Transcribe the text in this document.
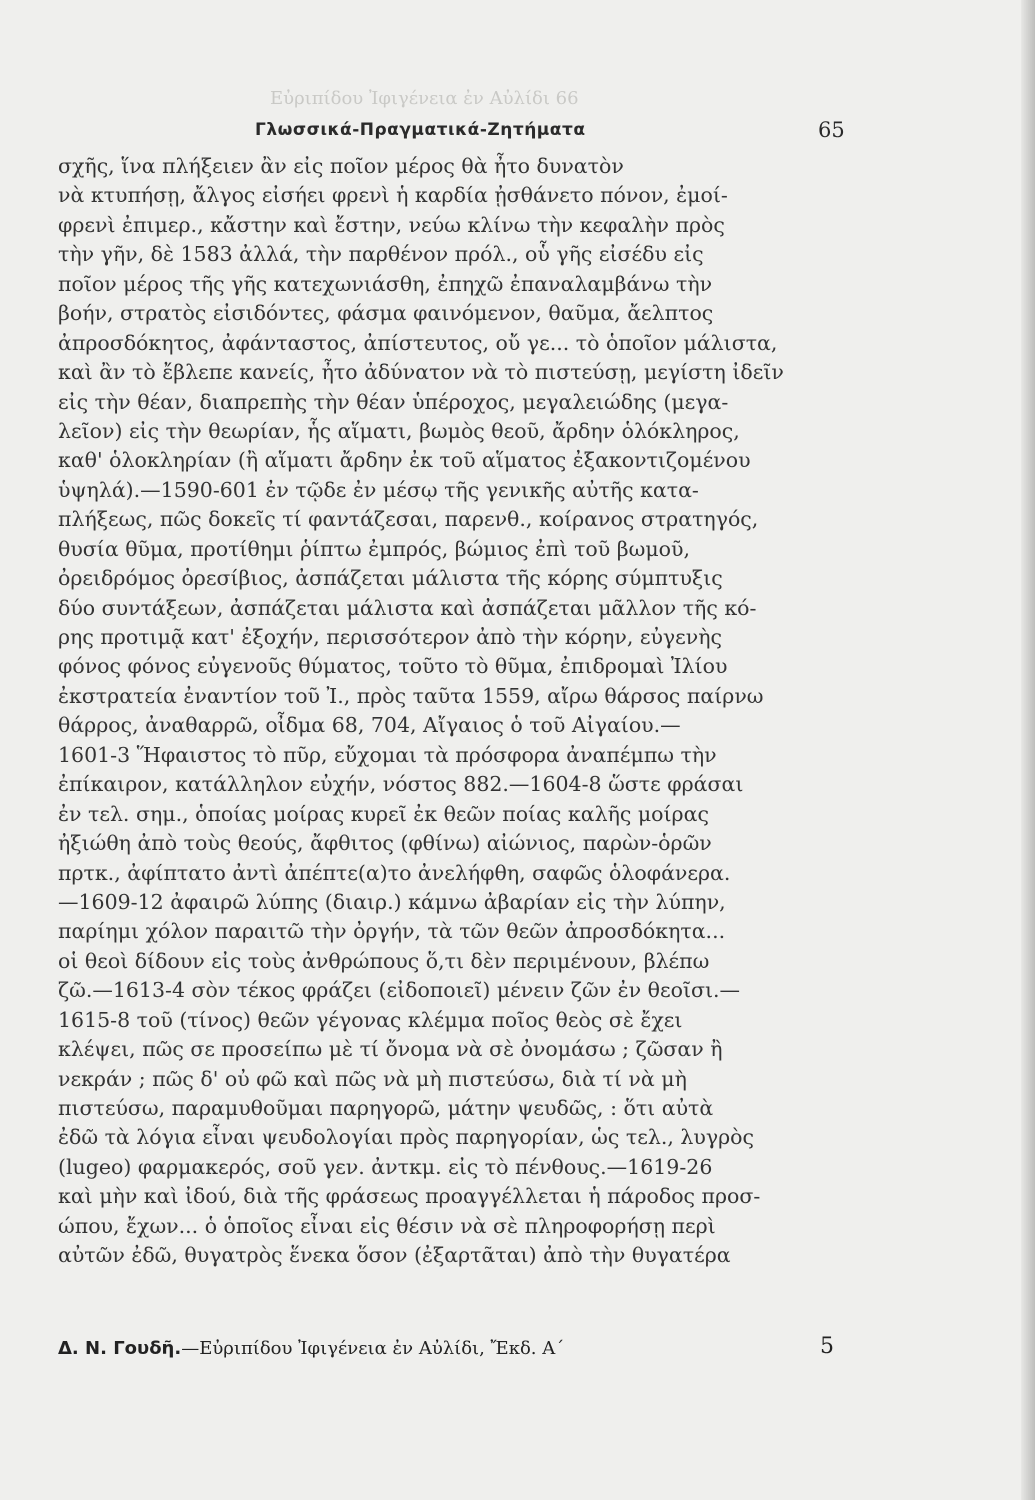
Εὐριπίδου Ἰφιγένεια ἐν Αὐλίδι 66
Γλωσσικά-Πραγματικά-Ζητήματα	65
σχῆς, ἵνα πλήξειεν ἂν εἰς ποῖον μέρος θὰ ἦτο δυνατὸν
νὰ κτυπήσῃ, ἄλγος εἰσήει φρενὶ ἡ καρδία ᾐσθάνετο πόνον, ἐμοί-
φρενὶ ἐπιμερ., κἄστην καὶ ἔστην, νεύω κλίνω τὴν κεφαλὴν πρὸς
τὴν γῆν, δὲ 1583 ἀλλά, τὴν παρθένον πρόλ., οὗ γῆς εἰσέδυ εἰς
ποῖον μέρος τῆς γῆς κατεχωνιάσθη, ἐπηχῶ ἐπαναλαμβάνω τὴν
βοήν, στρατὸς εἰσιδόντες, φάσμα φαινόμενον, θαῦμα, ἄελπτος
ἀπροσδόκητος, ἀφάνταστος, ἀπίστευτος, οὔ γε... τὸ ὁποῖον μάλιστα,
καὶ ἂν τὸ ἔβλεπε κανείς, ἦτο ἀδύνατον νὰ τὸ πιστεύσῃ, μεγίστη ἰδεῖν
εἰς τὴν θέαν, διαπρεπὴς τὴν θέαν ὑπέροχος, μεγαλειώδης (μεγα-
λεῖον) εἰς τὴν θεωρίαν, ἧς αἵματι, βωμὸς θεοῦ, ἄρδην ὁλόκληρος,
καθ' ὁλοκληρίαν (ἢ αἵματι ἄρδην ἐκ τοῦ αἵματος ἐξακοντιζομένου
ὑψηλά).—1590-601 ἐν τῷδε ἐν μέσῳ τῆς γενικῆς αὐτῆς κατα-
πλήξεως, πῶς δοκεῖς τί φαντάζεσαι, παρενθ., κοίρανος στρατηγός,
θυσία θῦμα, προτίθημι ῥίπτω ἐμπρός, βώμιος ἐπὶ τοῦ βωμοῦ,
ὀρειδρόμος ὀρεσίβιος, ἀσπάζεται μάλιστα τῆς κόρης σύμπτυξις
δύο συντάξεων, ἀσπάζεται μάλιστα καὶ ἀσπάζεται μᾶλλον τῆς κό-
ρης προτιμᾷ κατ' ἐξοχήν, περισσότερον ἀπὸ τὴν κόρην, εὐγενὴς
φόνος φόνος εὐγενοῦς θύματος, τοῦτο τὸ θῦμα, ἐπιδρομαὶ Ἰλίου
ἐκστρατεία ἐναντίον τοῦ Ἰ., πρὸς ταῦτα 1559, αἴρω θάρσος παίρνω
θάρρος, ἀναθαρρῶ, οἶδμα 68, 704, Αἴγαιος ὁ τοῦ Αἰγαίου.—
1601-3 Ἥφαιστος τὸ πῦρ, εὔχομαι τὰ πρόσφορα ἀναπέμπω τὴν
ἐπίκαιρον, κατάλληλον εὐχήν, νόστος 882.—1604-8 ὥστε φράσαι
ἐν τελ. σημ., ὁποίας μοίρας κυρεῖ ἐκ θεῶν ποίας καλῆς μοίρας
ἠξιώθη ἀπὸ τοὺς θεούς, ἄφθιτος (φθίνω) αἰώνιος, παρὼν-ὁρῶν
πρτκ., ἀφίπτατο ἀντὶ ἀπέπτε(α)το ἀνελήφθη, σαφῶς ὁλοφάνερα.
—1609-12 ἀφαιρῶ λύπης (διαιρ.) κάμνω ἀβαρίαν εἰς τὴν λύπην,
παρίημι χόλον παραιτῶ τὴν ὀργήν, τὰ τῶν θεῶν ἀπροσδόκητα...
οἱ θεοὶ δίδουν εἰς τοὺς ἀνθρώπους ὅ,τι δὲν περιμένουν, βλέπω
ζῶ.—1613-4 σὸν τέκος φράζει (εἰδοποιεῖ) μένειν ζῶν ἐν θεοῖσι.—
1615-8 τοῦ (τίνος) θεῶν γέγονας κλέμμα ποῖος θεὸς σὲ ἔχει
κλέψει, πῶς σε προσείπω μὲ τί ὄνομα νὰ σὲ ὀνομάσω ; ζῶσαν ἢ
νεκράν ; πῶς δ' οὐ φῶ καὶ πῶς νὰ μὴ πιστεύσω, διὰ τί νὰ μὴ
πιστεύσω, παραμυθοῦμαι παρηγορῶ, μάτην ψευδῶς, : ὅτι αὐτὰ
ἐδῶ τὰ λόγια εἶναι ψευδολογίαι πρὸς παρηγορίαν, ὡς τελ., λυγρὸς
(lugeo) φαρμακερός, σοῦ γεν. ἀντκμ. εἰς τὸ πένθους.—1619-26
καὶ μὴν καὶ ἰδού, διὰ τῆς φράσεως προαγγέλλεται ἡ πάροδος προσ-
ώπου, ἔχων... ὁ ὁποῖος εἶναι εἰς θέσιν νὰ σὲ πληροφορήσῃ περὶ
αὐτῶν ἐδῶ, θυγατρὸς ἕνεκα ὅσον (ἐξαρτᾶται) ἀπὸ τὴν θυγατέρα
Δ. Ν. Γουδῆ.—Εὐριπίδου Ἰφιγένεια ἐν Αὐλίδι, Ἔκδ. Α΄	5
